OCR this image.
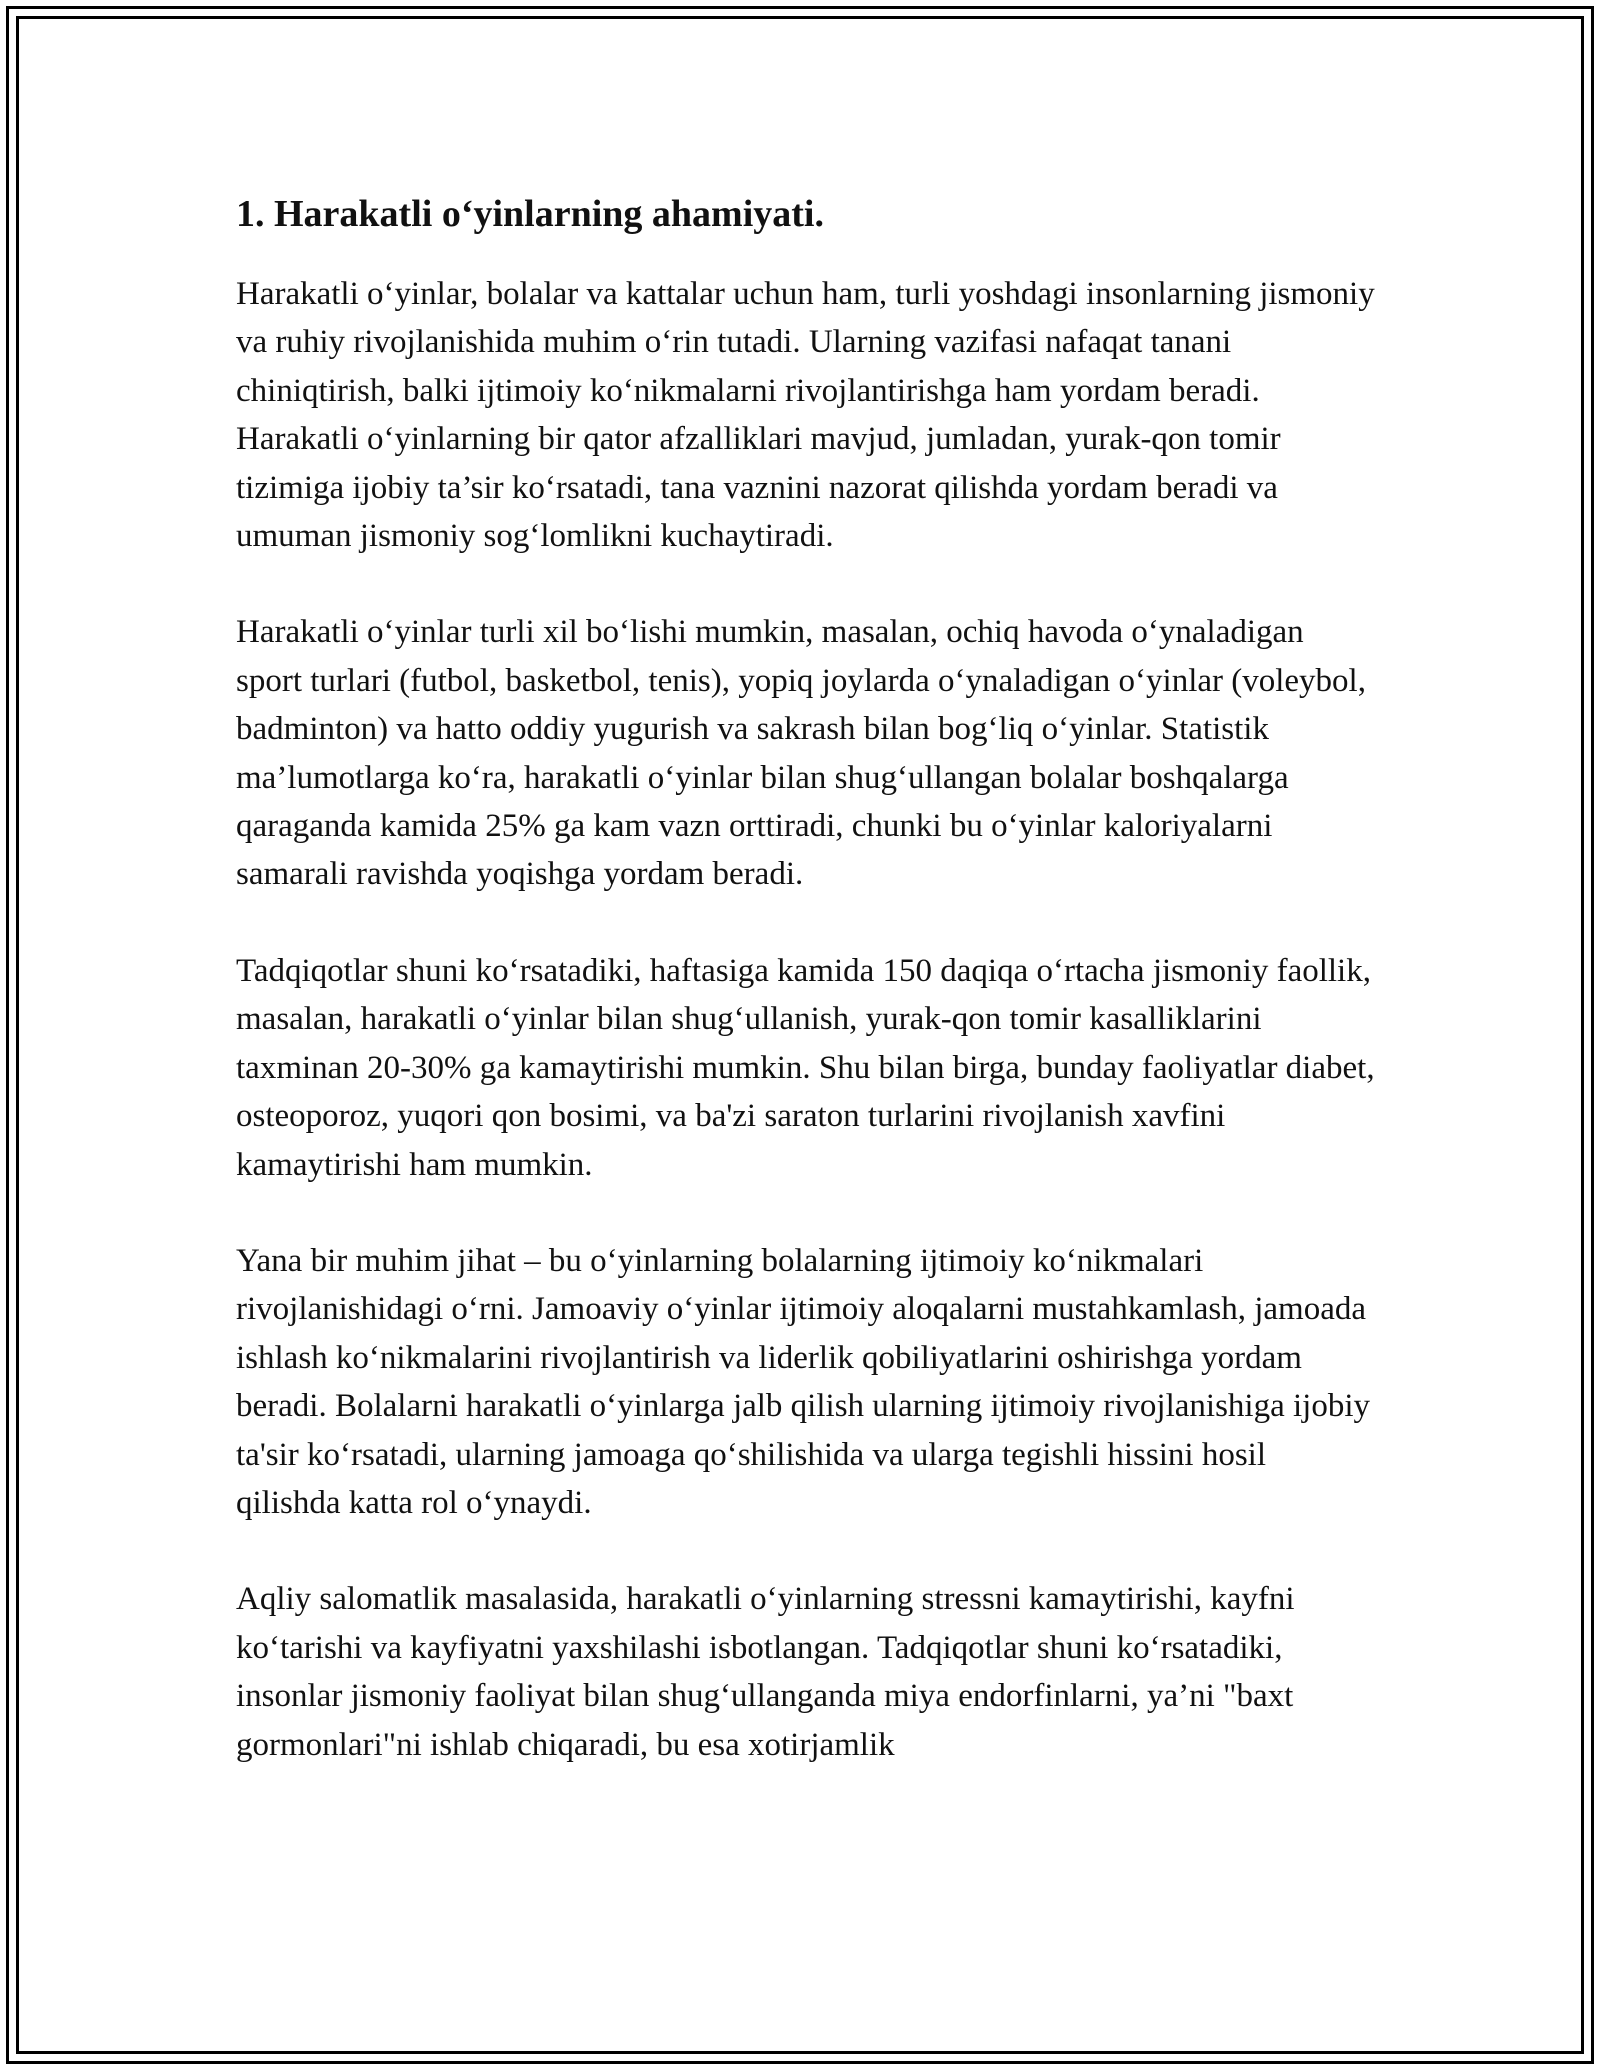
1. Harakatli o‘yinlarning ahamiyati.

Harakatli o‘yinlar, bolalar va kattalar uchun ham, turli yoshdagi insonlarning jismoniy va ruhiy rivojlanishida muhim o‘rin tutadi. Ularning vazifasi nafaqat tanani chiniqtirish, balki ijtimoiy ko‘nikmalarni rivojlantirishga ham yordam beradi. Harakatli o‘yinlarning bir qator afzalliklari mavjud, jumladan, yurak-qon tomir tizimiga ijobiy ta’sir ko‘rsatadi, tana vaznini nazorat qilishda yordam beradi va umuman jismoniy sog‘lomlikni kuchaytiradi.

Harakatli o‘yinlar turli xil bo‘lishi mumkin, masalan, ochiq havoda o‘ynaladigan sport turlari (futbol, basketbol, tenis), yopiq joylarda o‘ynaladigan o‘yinlar (voleybol, badminton) va hatto oddiy yugurish va sakrash bilan bog‘liq o‘yinlar. Statistik ma’lumotlarga ko‘ra, harakatli o‘yinlar bilan shug‘ullangan bolalar boshqalarga qaraganda kamida 25% ga kam vazn orttiradi, chunki bu o‘yinlar kaloriyalarni samarali ravishda yoqishga yordam beradi.

Tadqiqotlar shuni ko‘rsatadiki, haftasiga kamida 150 daqiqa o‘rtacha jismoniy faollik, masalan, harakatli o‘yinlar bilan shug‘ullanish, yurak-qon tomir kasalliklarini taxminan 20-30% ga kamaytirishi mumkin. Shu bilan birga, bunday faoliyatlar diabet, osteoporoz, yuqori qon bosimi, va ba'zi saraton turlarini rivojlanish xavfini kamaytirishi ham mumkin.

Yana bir muhim jihat – bu o‘yinlarning bolalarning ijtimoiy ko‘nikmalari rivojlanishidagi o‘rni. Jamoaviy o‘yinlar ijtimoiy aloqalarni mustahkamlash, jamoada ishlash ko‘nikmalarini rivojlantirish va liderlik qobiliyatlarini oshirishga yordam beradi. Bolalarni harakatli o‘yinlarga jalb qilish ularning ijtimoiy rivojlanishiga ijobiy ta'sir ko‘rsatadi, ularning jamoaga qo‘shilishida va ularga tegishli hissini hosil qilishda katta rol o‘ynaydi.

Aqliy salomatlik masalasida, harakatli o‘yinlarning stressni kamaytirishi, kayfni ko‘tarishi va kayfiyatni yaxshilashi isbotlangan. Tadqiqotlar shuni ko‘rsatadiki, insonlar jismoniy faoliyat bilan shug‘ullanganda miya endorfinlarni, ya’ni "baxt gormonlari"ni ishlab chiqaradi, bu esa xotirjamlik
